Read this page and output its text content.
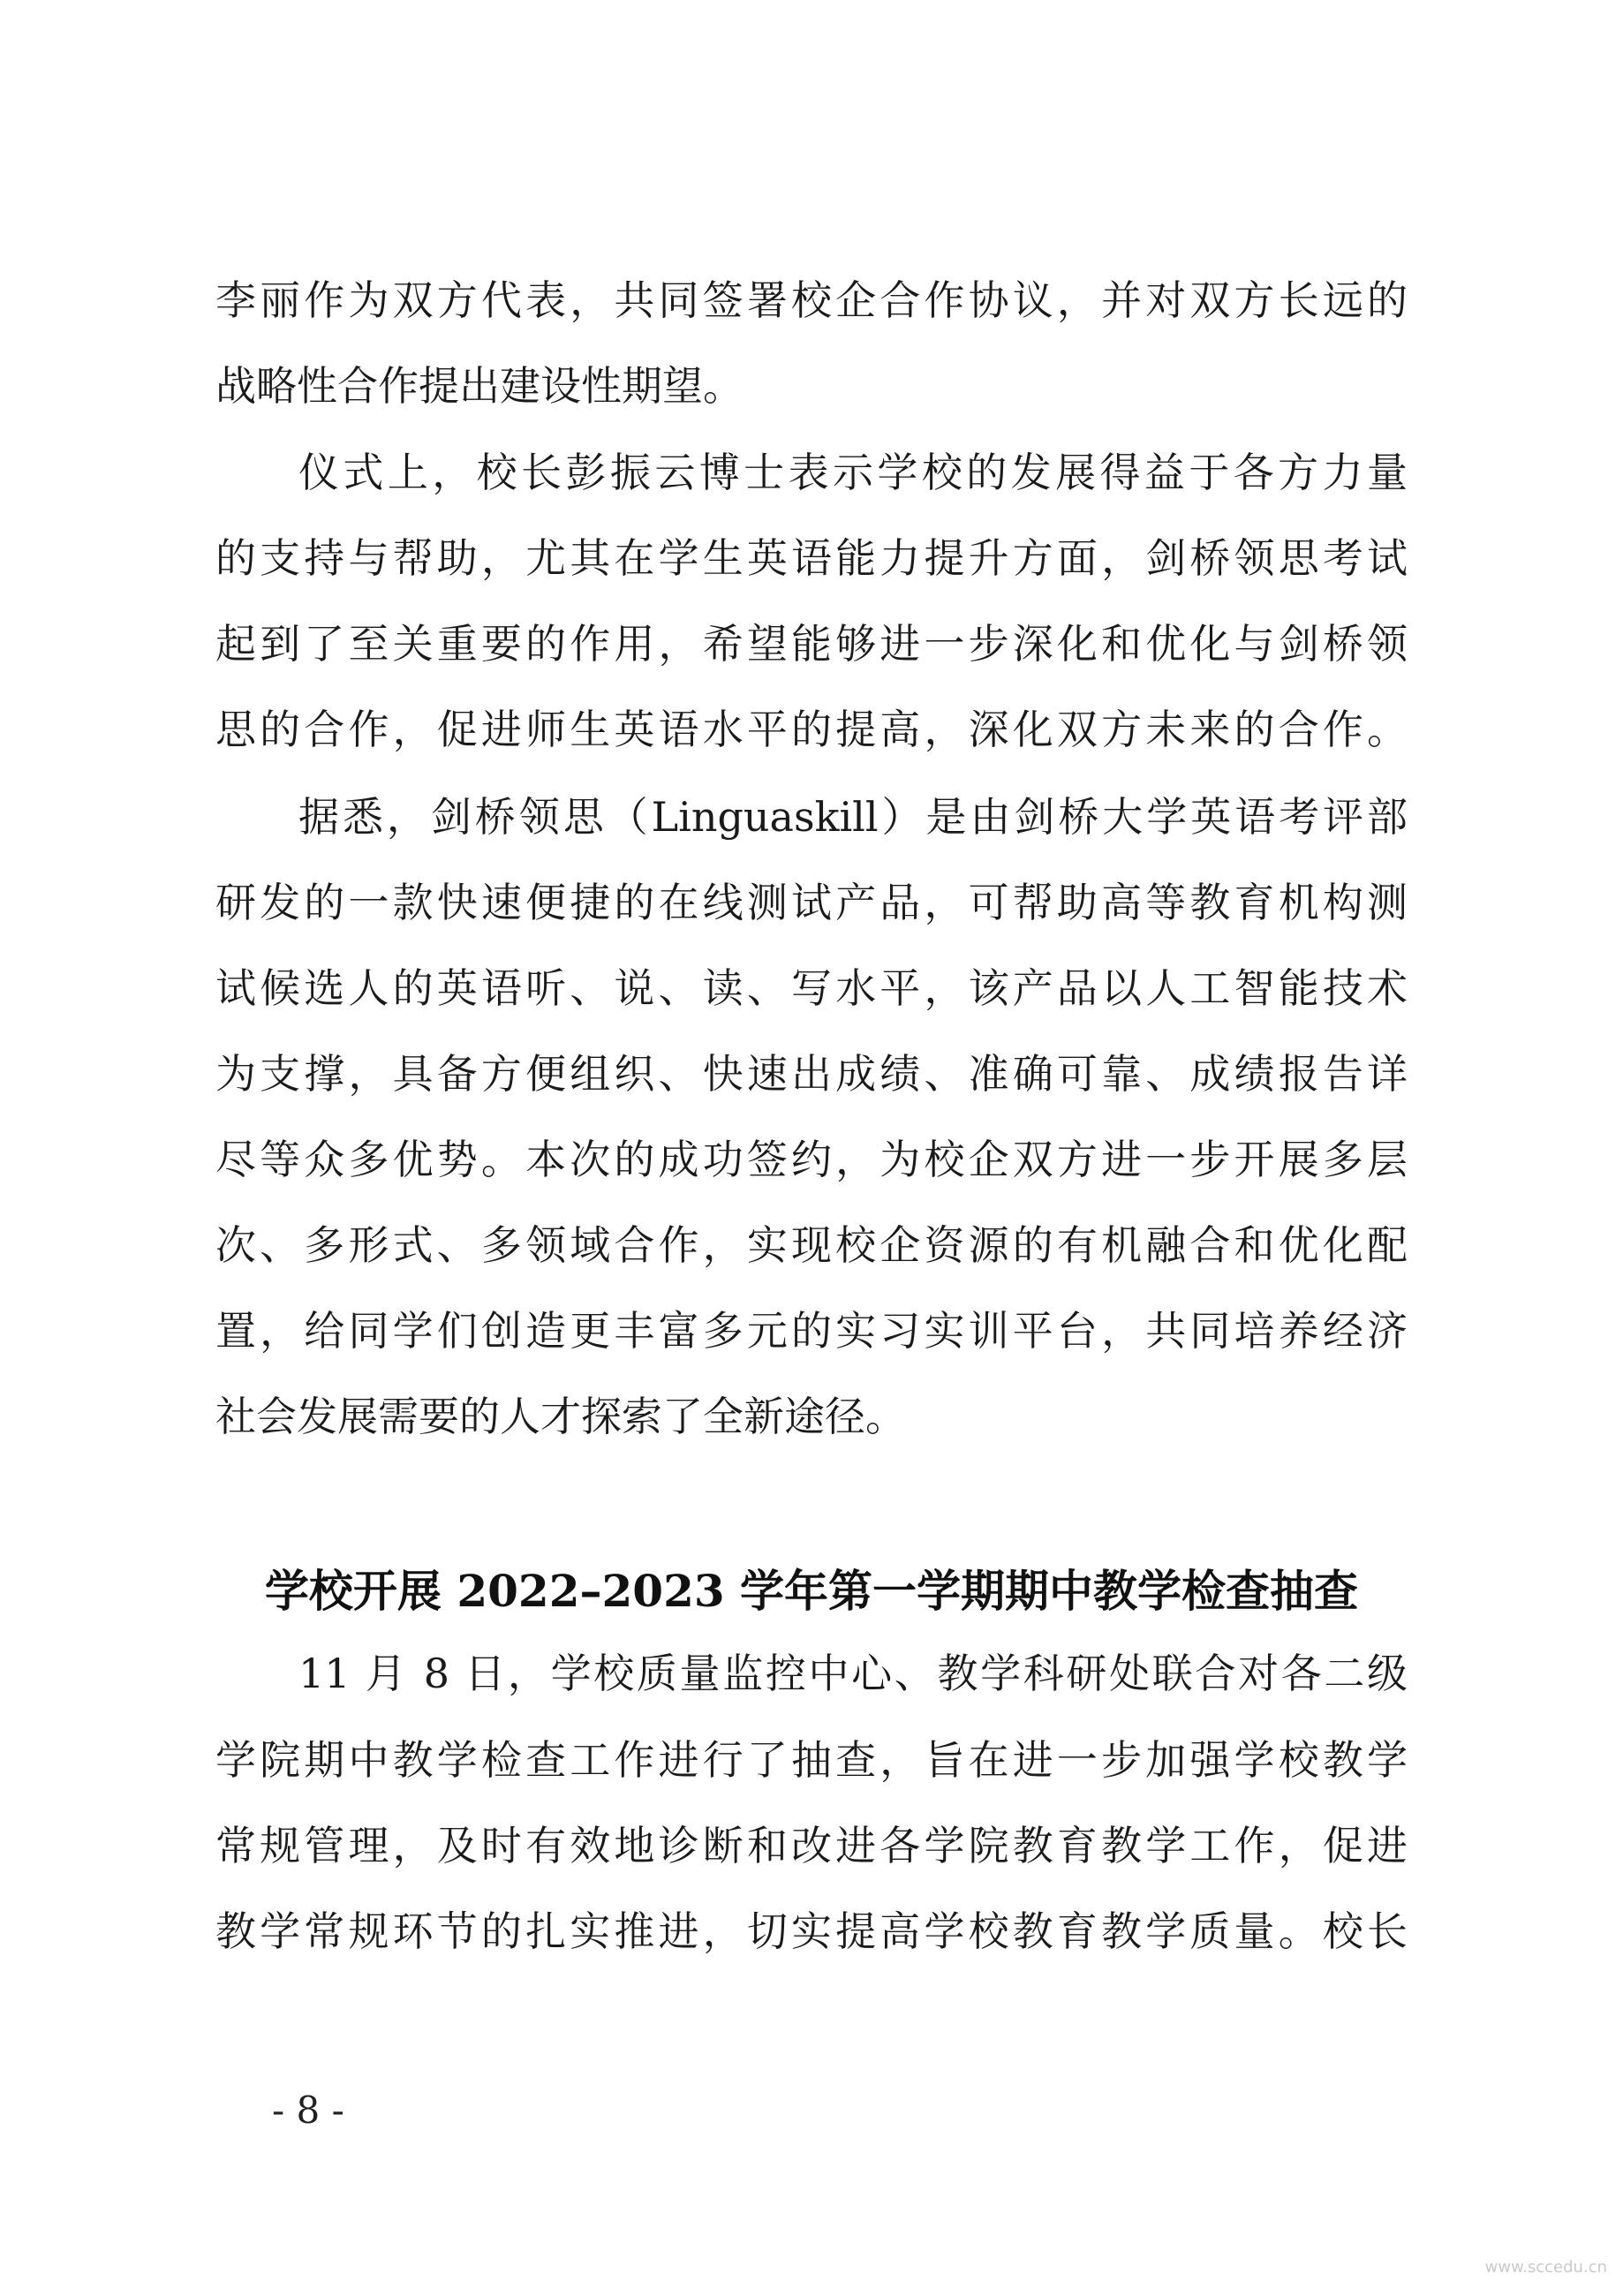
李丽作为双方代表，共同签署校企合作协议，并对双方长远的
战略性合作提出建设性期望。
仪式上，校长彭振云博士表示学校的发展得益于各方力量
的支持与帮助，尤其在学生英语能力提升方面，剑桥领思考试
起到了至关重要的作用，希望能够进一步深化和优化与剑桥领
思的合作，促进师生英语水平的提高，深化双方未来的合作。
据悉，剑桥领思（Linguaskill）是由剑桥大学英语考评部
研发的一款快速便捷的在线测试产品，可帮助高等教育机构测
试候选人的英语听、说、读、写水平，该产品以人工智能技术
为支撑，具备方便组织、快速出成绩、准确可靠、成绩报告详
尽等众多优势。本次的成功签约，为校企双方进一步开展多层
次、多形式、多领域合作，实现校企资源的有机融合和优化配
置，给同学们创造更丰富多元的实习实训平台，共同培养经济
社会发展需要的人才探索了全新途径。
学校开展 2022–2023 学年第一学期期中教学检查抽查
11 月 8 日，学校质量监控中心、教学科研处联合对各二级
学院期中教学检查工作进行了抽查，旨在进一步加强学校教学
常规管理，及时有效地诊断和改进各学院教育教学工作，促进
教学常规环节的扎实推进，切实提高学校教育教学质量。校长
- 8 -
www.sccedu.cn
